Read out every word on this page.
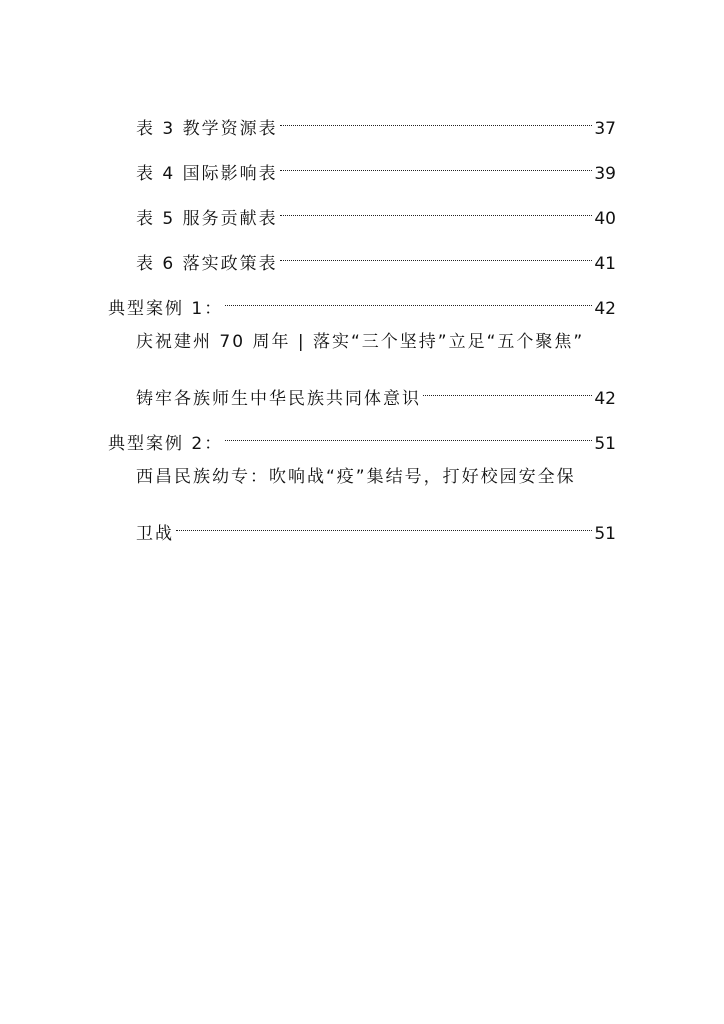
表 3 教学资源表	37
表 4 国际影响表	39
表 5 服务贡献表	40
表 6 落实政策表	41
典型案例 1：	42
庆祝建州 70 周年 | 落实“三个坚持”立足“五个聚焦”
铸牢各族师生中华民族共同体意识	42
典型案例 2：	51
西昌民族幼专：吹响战“疫”集结号，打好校园安全保
卫战	51
